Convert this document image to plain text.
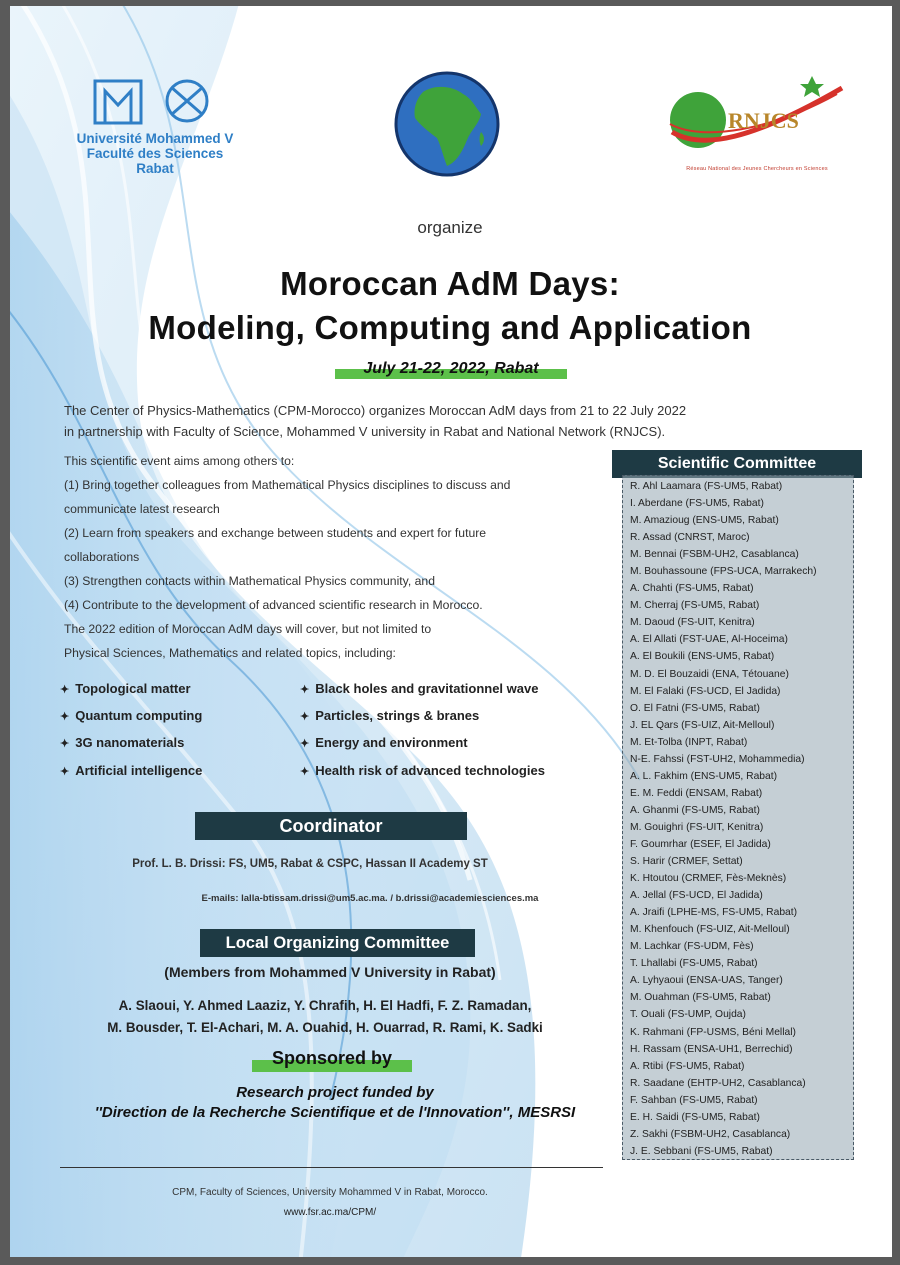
Université Mohammed V
Faculté des Sciences
Rabat
RNJCS
Réseau National des Jeunes Chercheurs en Sciences
organize
Moroccan AdM Days:
Modeling, Computing and Application
July 21-22, 2022, Rabat
The Center of Physics-Mathematics (CPM-Morocco) organizes Moroccan AdM days from 21 to 22 July 2022
in partnership with Faculty of Science, Mohammed V university in Rabat and National Network (RNJCS).
This scientific event aims among others to:
(1) Bring together colleagues from Mathematical Physics disciplines to discuss and
communicate latest research
(2) Learn from speakers and exchange between students and expert for future
collaborations
(3) Strengthen contacts within Mathematical Physics community, and
(4) Contribute to the development of advanced scientific research in Morocco.
The 2022 edition of Moroccan AdM days will cover, but not limited to
Physical Sciences, Mathematics and related topics, including:
✦ Topological matter
✦ Quantum computing
✦ 3G nanomaterials
✦ Artificial intelligence
✦ Black holes and gravitationnel wave
✦ Particles, strings & branes
✦ Energy and environment
✦ Health risk of advanced technologies
Coordinator
Prof. L. B. Drissi: FS, UM5, Rabat & CSPC, Hassan II Academy ST
E-mails: lalla-btissam.drissi@um5.ac.ma. / b.drissi@academiesciences.ma
Local Organizing Committee
(Members from Mohammed V University in Rabat)
A. Slaoui, Y. Ahmed Laaziz, Y. Chrafih, H. El Hadfi, F. Z. Ramadan,
M. Bousder, T. El-Achari, M. A. Ouahid, H. Ouarrad, R. Rami, K. Sadki
Sponsored by
Research project funded by
''Direction de la Recherche Scientifique et de l'Innovation'', MESRSI
CPM, Faculty of Sciences, University Mohammed V in Rabat, Morocco.
www.fsr.ac.ma/CPM/
Scientific Committee
R. Ahl Laamara (FS-UM5, Rabat)
I. Aberdane (FS-UM5, Rabat)
M. Amazioug (ENS-UM5, Rabat)
R. Assad (CNRST, Maroc)
M. Bennai (FSBM-UH2, Casablanca)
M. Bouhassoune (FPS-UCA, Marrakech)
A. Chahti (FS-UM5, Rabat)
M. Cherraj (FS-UM5, Rabat)
M. Daoud (FS-UIT, Kenitra)
A. El Allati (FST-UAE, Al-Hoceima)
A. El Boukili (ENS-UM5, Rabat)
M. D. El Bouzaidi (ENA, Tétouane)
M. El Falaki (FS-UCD, El Jadida)
O. El Fatni (FS-UM5, Rabat)
J. EL Qars (FS-UIZ, Ait-Melloul)
M. Et-Tolba (INPT, Rabat)
N-E. Fahssi (FST-UH2, Mohammedia)
A. L. Fakhim (ENS-UM5, Rabat)
E. M. Feddi (ENSAM, Rabat)
A. Ghanmi (FS-UM5, Rabat)
M. Gouighri (FS-UIT, Kenitra)
F. Goumrhar (ESEF, El Jadida)
S. Harir (CRMEF, Settat)
K. Htoutou (CRMEF, Fès-Meknès)
A. Jellal (FS-UCD, El Jadida)
A. Jraifi (LPHE-MS, FS-UM5, Rabat)
M. Khenfouch (FS-UIZ, Ait-Melloul)
M. Lachkar (FS-UDM, Fès)
T. Lhallabi (FS-UM5, Rabat)
A. Lyhyaoui (ENSA-UAS, Tanger)
M. Ouahman (FS-UM5, Rabat)
T. Ouali (FS-UMP, Oujda)
K. Rahmani (FP-USMS, Béni Mellal)
H. Rassam (ENSA-UH1, Berrechid)
A. Rtibi (FS-UM5, Rabat)
R. Saadane (EHTP-UH2, Casablanca)
F. Sahban (FS-UM5, Rabat)
E. H. Saidi (FS-UM5, Rabat)
Z. Sakhi (FSBM-UH2, Casablanca)
J. E. Sebbani (FS-UM5, Rabat)
